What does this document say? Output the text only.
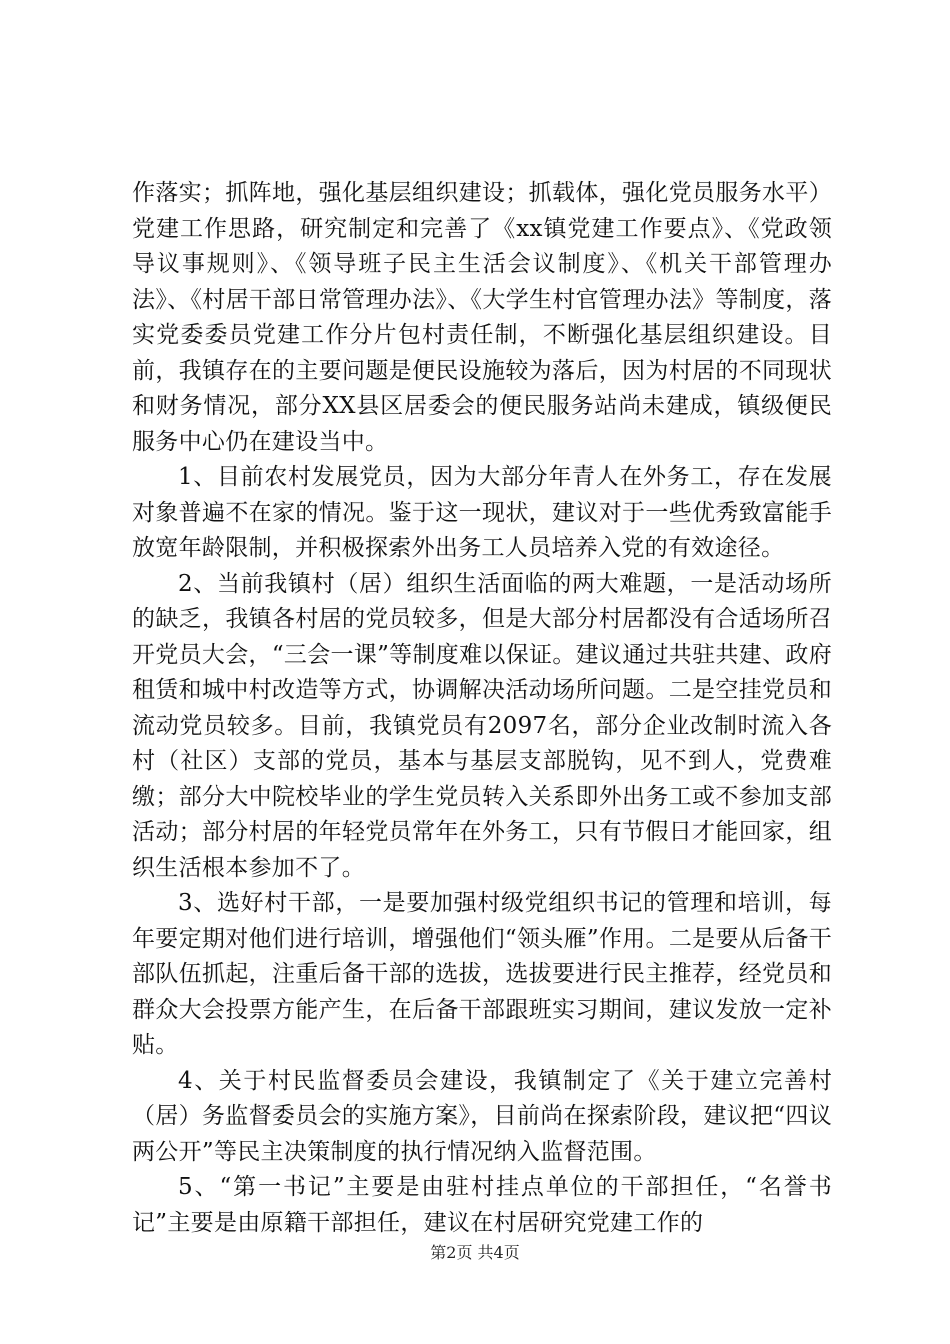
作落实；抓阵地，强化基层组织建设；抓载体，强化党员服务水平）党建工作思路，研究制定和完善了《xx镇党建工作要点》、《党政领导议事规则》、《领导班子民主生活会议制度》、《机关干部管理办法》、《村居干部日常管理办法》、《大学生村官管理办法》等制度，落实党委委员党建工作分片包村责任制，不断强化基层组织建设。目前，我镇存在的主要问题是便民设施较为落后，因为村居的不同现状和财务情况，部分XX县区居委会的便民服务站尚未建成，镇级便民服务中心仍在建设当中。

1、目前农村发展党员，因为大部分年青人在外务工，存在发展对象普遍不在家的情况。鉴于这一现状，建议对于一些优秀致富能手放宽年龄限制，并积极探索外出务工人员培养入党的有效途径。

2、当前我镇村（居）组织生活面临的两大难题，一是活动场所的缺乏，我镇各村居的党员较多，但是大部分村居都没有合适场所召开党员大会，“三会一课”等制度难以保证。建议通过共驻共建、政府租赁和城中村改造等方式，协调解决活动场所问题。二是空挂党员和流动党员较多。目前，我镇党员有2097名，部分企业改制时流入各村（社区）支部的党员，基本与基层支部脱钩，见不到人，党费难缴；部分大中院校毕业的学生党员转入关系即外出务工或不参加支部活动；部分村居的年轻党员常年在外务工，只有节假日才能回家，组织生活根本参加不了。

3、选好村干部，一是要加强村级党组织书记的管理和培训，每年要定期对他们进行培训，增强他们“领头雁”作用。二是要从后备干部队伍抓起，注重后备干部的选拔，选拔要进行民主推荐，经党员和群众大会投票方能产生，在后备干部跟班实习期间，建议发放一定补贴。

4、关于村民监督委员会建设，我镇制定了《关于建立完善村（居）务监督委员会的实施方案》，目前尚在探索阶段，建议把“四议两公开”等民主决策制度的执行情况纳入监督范围。

5、“第一书记”主要是由驻村挂点单位的干部担任，“名誉书记”主要是由原籍干部担任，建议在村居研究党建工作的

第2页 共4页
